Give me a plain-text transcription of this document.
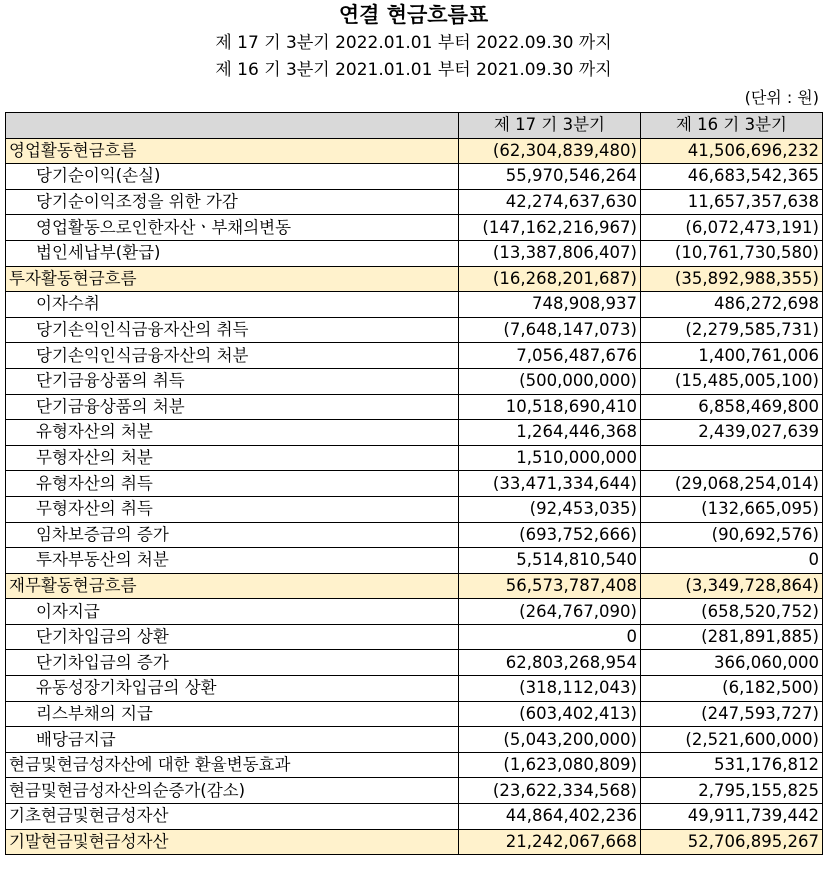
연결 현금흐름표
제 17 기 3분기 2022.01.01 부터 2022.09.30 까지
제 16 기 3분기 2021.01.01 부터 2021.09.30 까지
(단위 : 원)
	제 17 기 3분기	제 16 기 3분기
영업활동현금흐름	(62,304,839,480)	41,506,696,232
당기순이익(손실)	55,970,546,264	46,683,542,365
당기순이익조정을 위한 가감	42,274,637,630	11,657,357,638
영업활동으로인한자산ㆍ부채의변동	(147,162,216,967)	(6,072,473,191)
법인세납부(환급)	(13,387,806,407)	(10,761,730,580)
투자활동현금흐름	(16,268,201,687)	(35,892,988,355)
이자수취	748,908,937	486,272,698
당기손익인식금융자산의 취득	(7,648,147,073)	(2,279,585,731)
당기손익인식금융자산의 처분	7,056,487,676	1,400,761,006
단기금융상품의 취득	(500,000,000)	(15,485,005,100)
단기금융상품의 처분	10,518,690,410	6,858,469,800
유형자산의 처분	1,264,446,368	2,439,027,639
무형자산의 처분	1,510,000,000	
유형자산의 취득	(33,471,334,644)	(29,068,254,014)
무형자산의 취득	(92,453,035)	(132,665,095)
임차보증금의 증가	(693,752,666)	(90,692,576)
투자부동산의 처분	5,514,810,540	0
재무활동현금흐름	56,573,787,408	(3,349,728,864)
이자지급	(264,767,090)	(658,520,752)
단기차입금의 상환	0	(281,891,885)
단기차입금의 증가	62,803,268,954	366,060,000
유동성장기차입금의 상환	(318,112,043)	(6,182,500)
리스부채의 지급	(603,402,413)	(247,593,727)
배당금지급	(5,043,200,000)	(2,521,600,000)
현금및현금성자산에 대한 환율변동효과	(1,623,080,809)	531,176,812
현금및현금성자산의순증가(감소)	(23,622,334,568)	2,795,155,825
기초현금및현금성자산	44,864,402,236	49,911,739,442
기말현금및현금성자산	21,242,067,668	52,706,895,267
